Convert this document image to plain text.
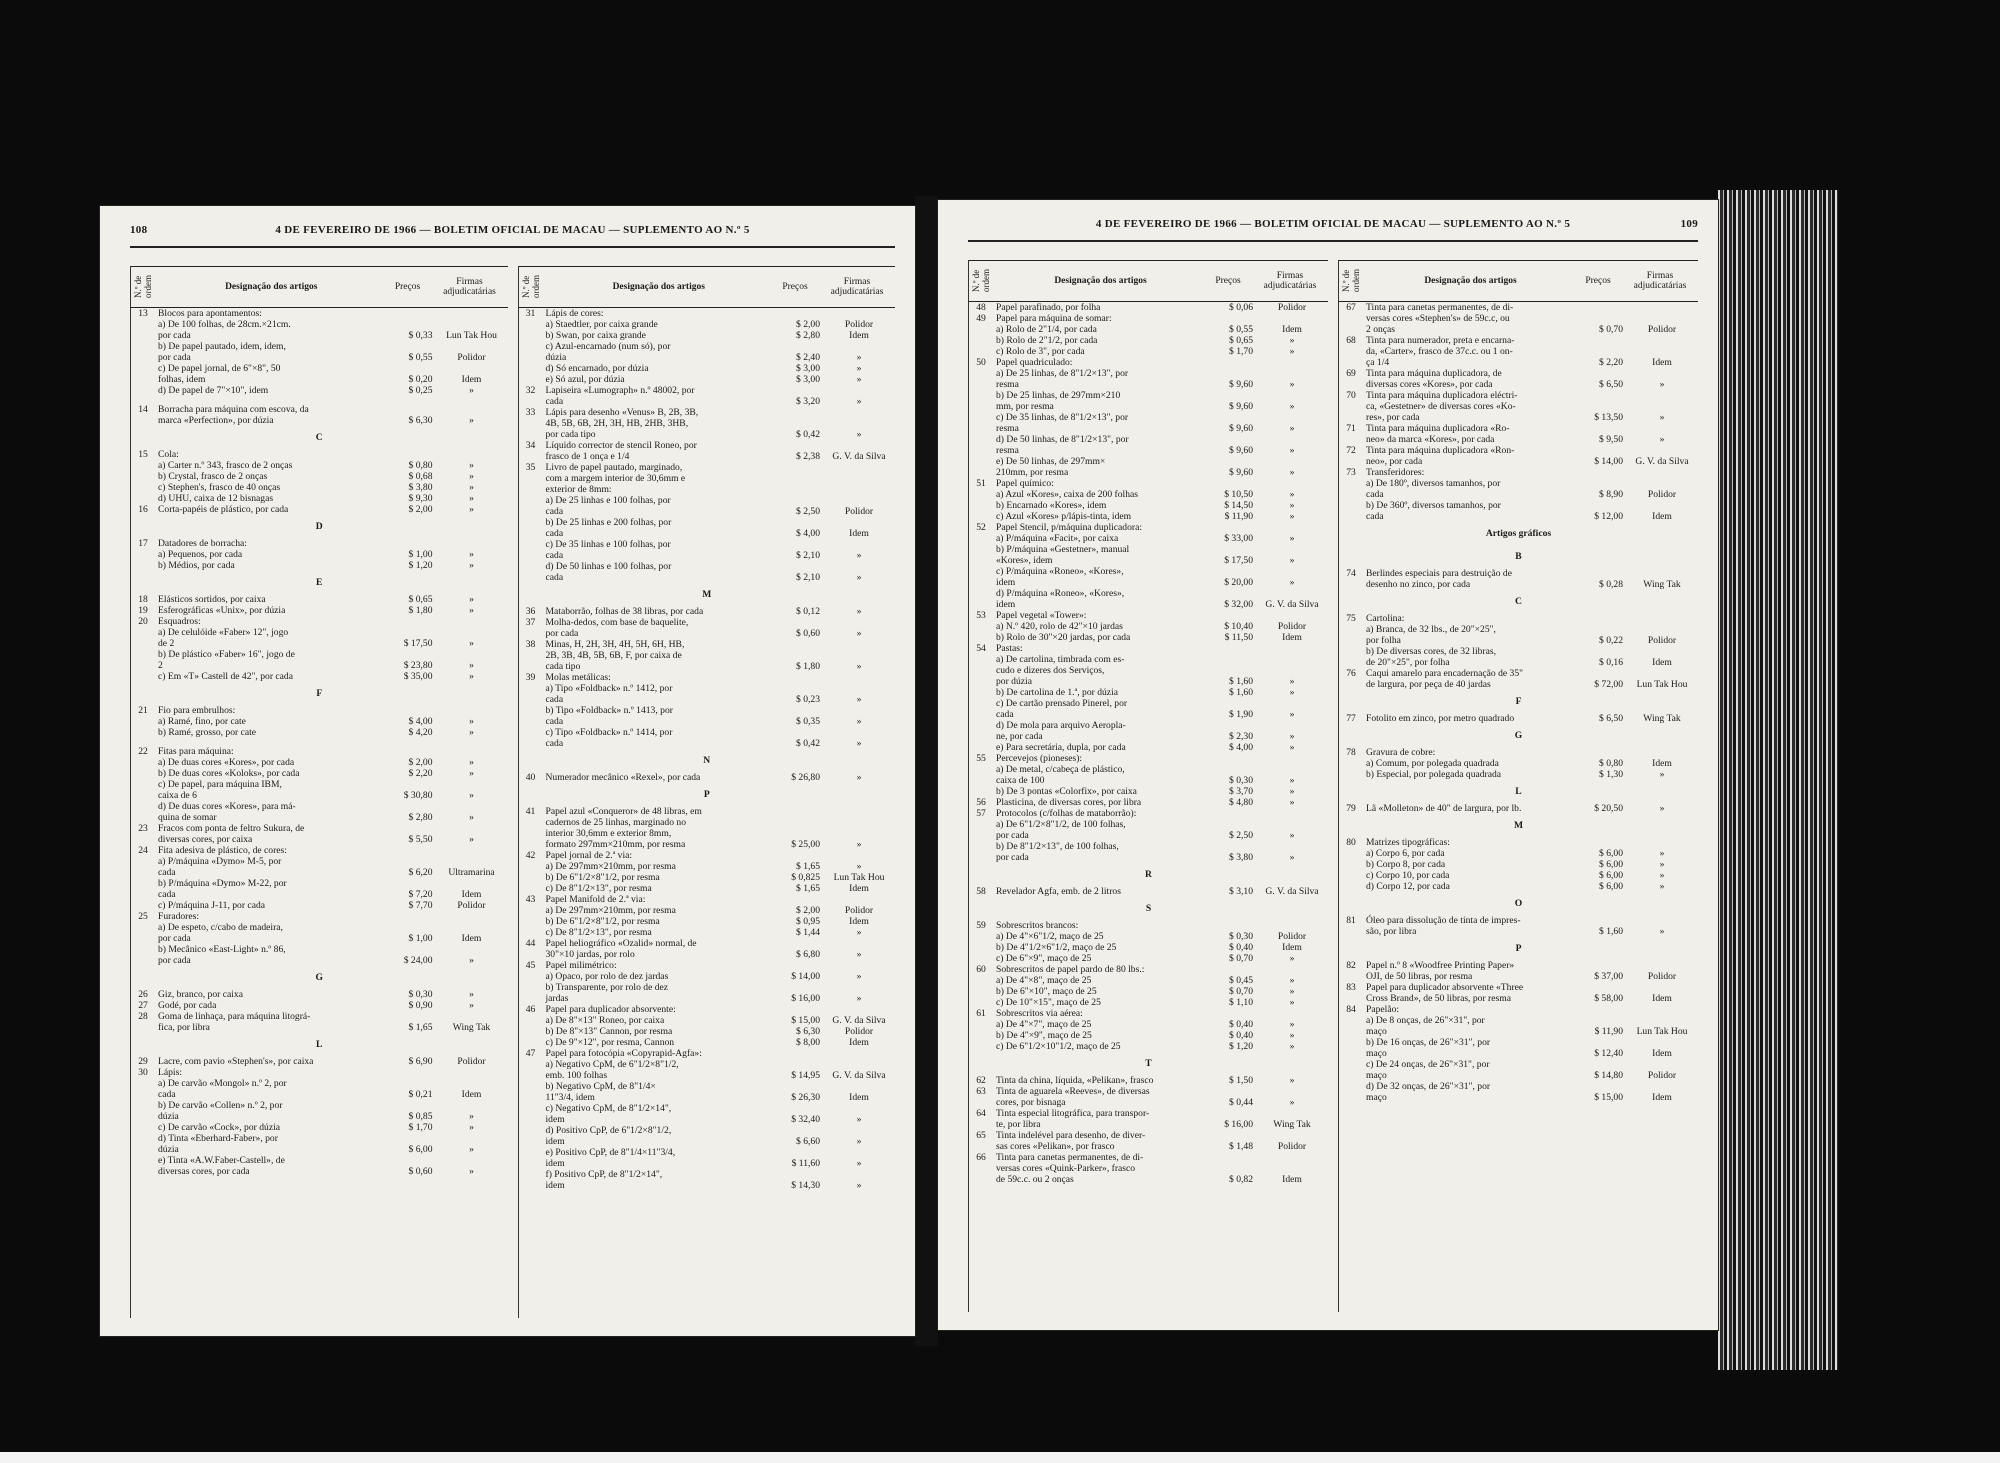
108	4 DE FEVEREIRO DE 1966 — BOLETIM OFICIAL DE MACAU — SUPLEMENTO AO N.º 5
N.º de ordem	Designação dos artigos	Preços	Firmas adjudicatárias
13	Blocos para apontamentos:
a) De 100 folhas, de 28cm.×21cm.
por cada	$ 0,33	Lun Tak Hou
b) De papel pautado, idem, idem,
por cada	$ 0,55	Polidor
c) De papel jornal, de 6"×8", 50
folhas, idem	$ 0,20	Idem
d) De papel de 7"×10", idem	$ 0,25	»
14	Borracha para máquina com escova, da
marca «Perfection», por dúzia	$ 6,30	»
C
15	Cola:
a) Carter n.º 343, frasco de 2 onças	$ 0,80	»
b) Crystal, frasco de 2 onças	$ 0,68	»
c) Stephen's, frasco de 40 onças	$ 3,80	»
d) UHU, caixa de 12 bisnagas	$ 9,30	»
16	Corta-papéis de plástico, por cada	$ 2,00	»
D
17	Datadores de borracha:
a) Pequenos, por cada	$ 1,00	»
b) Médios, por cada	$ 1,20	»
E
18	Elásticos sortidos, por caixa	$ 0,65	»
19	Esferográficas «Unix», por dúzia	$ 1,80	»
20	Esquadros:
a) De celulóide «Faber» 12", jogo
de 2	$ 17,50	»
b) De plástico «Faber» 16", jogo de
2	$ 23,80	»
c) Em «T» Castell de 42", por cada	$ 35,00	»
F
21	Fio para embrulhos:
a) Ramé, fino, por cate	$ 4,00	»
b) Ramé, grosso, por cate	$ 4,20	»
22	Fitas para máquina:
a) De duas cores «Kores», por cada	$ 2,00	»
b) De duas cores «Koloks», por cada	$ 2,20	»
c) De papel, para máquina IBM,
caixa de 6	$ 30,80	»
d) De duas cores «Kores», para má-
quina de somar	$ 2,80	»
23	Fracos com ponta de feltro Sukura, de
diversas cores, por caixa	$ 5,50	»
24	Fita adesiva de plástico, de cores:
a) P/máquina «Dymo» M-5, por
cada	$ 6,20	Ultramarina
b) P/máquina «Dymo» M-22, por
cada	$ 7,20	Idem
c) P/máquina J-11, por cada	$ 7,70	Polidor
25	Furadores:
a) De espeto, c/cabo de madeira,
por cada	$ 1,00	Idem
b) Mecânico «East-Light» n.º 86,
por cada	$ 24,00	»
G
26	Giz, branco, por caixa	$ 0,30	»
27	Godé, por cada	$ 0,90	»
28	Goma de linhaça, para máquina litográ-
fica, por libra	$ 1,65	Wing Tak
L
29	Lacre, com pavio «Stephen's», por caixa	$ 6,90	Polidor
30	Lápis:
a) De carvão «Mongol» n.º 2, por
cada	$ 0,21	Idem
b) De carvão «Collen» n.º 2, por
dúzia	$ 0,85	»
c) De carvão «Cock», por dúzia	$ 1,70	»
d) Tinta «Eberhard-Faber», por
dúzia	$ 6,00	»
e) Tinta «A.W.Faber-Castell», de
diversas cores, por cada	$ 0,60	»
N.º de ordem	Designação dos artigos	Preços	Firmas adjudicatárias
31	Lápis de cores:
a) Staedtler, por caixa grande	$ 2,00	Polidor
b) Swan, por caixa grande	$ 2,80	Idem
c) Azul-encarnado (num só), por
dúzia	$ 2,40	»
d) Só encarnado, por dúzia	$ 3,00	»
e) Só azul, por dúzia	$ 3,00	»
32	Lapiseira «Lumograph» n.º 48002, por
cada	$ 3,20	»
33	Lápis para desenho «Venus» B, 2B, 3B,
4B, 5B, 6B, 2H, 3H, HB, 2HB, 3HB,
por cada tipo	$ 0,42	»
34	Líquido corrector de stencil Roneo, por
frasco de 1 onça e 1/4	$ 2,38	G. V. da Silva
35	Livro de papel pautado, marginado,
com a margem interior de 30,6mm e
exterior de 8mm:
a) De 25 linhas e 100 folhas, por
cada	$ 2,50	Polidor
b) De 25 linhas e 200 folhas, por
cada	$ 4,00	Idem
c) De 35 linhas e 100 folhas, por
cada	$ 2,10	»
d) De 50 linhas e 100 folhas, por
cada	$ 2,10	»
M
36	Mataborrão, folhas de 38 libras, por cada	$ 0,12	»
37	Molha-dedos, com base de baquelite,
por cada	$ 0,60	»
38	Minas, H, 2H, 3H, 4H, 5H, 6H, HB,
2B, 3B, 4B, 5B, 6B, F, por caixa de
cada tipo	$ 1,80	»
39	Molas metálicas:
a) Tipo «Foldback» n.º 1412, por
cada	$ 0,23	»
b) Tipo «Foldback» n.º 1413, por
cada	$ 0,35	»
c) Tipo «Foldback» n.º 1414, por
cada	$ 0,42	»
N
40	Numerador mecânico «Rexel», por cada	$ 26,80	»
P
41	Papel azul «Conqueror» de 48 libras, em
cadernos de 25 linhas, marginado no
interior 30,6mm e exterior 8mm,
formato 297mm×210mm, por resma	$ 25,00	»
42	Papel jornal de 2.ª via:
a) De 297mm×210mm, por resma	$ 1,65	»
b) De 6"1/2×8"1/2, por resma	$ 0,825	Lun Tak Hou
c) De 8"1/2×13", por resma	$ 1,65	Idem
43	Papel Manifold de 2.ª via:
a) De 297mm×210mm, por resma	$ 2,00	Polidor
b) De 6"1/2×8"1/2, por resma	$ 0,95	Idem
c) De 8"1/2×13", por resma	$ 1,44	»
44	Papel heliográfico «Ozalid» normal, de
30"×10 jardas, por rolo	$ 6,80	»
45	Papel milimétrico:
a) Opaco, por rolo de dez jardas	$ 14,00	»
b) Transparente, por rolo de dez
jardas	$ 16,00	»
46	Papel para duplicador absorvente:
a) De 8"×13" Roneo, por caixa	$ 15,00	G. V. da Silva
b) De 8"×13" Cannon, por resma	$ 6,30	Polidor
c) De 9"×12", por resma, Cannon	$ 8,00	Idem
47	Papel para fotocópia «Copyrapid-Agfa»:
a) Negativo CpM, de 6"1/2×8"1/2,
emb. 100 folhas	$ 14,95	G. V. da Silva
b) Negativo CpM, de 8"1/4×
11"3/4, idem	$ 26,30	Idem
c) Negativo CpM, de 8"1/2×14",
idem	$ 32,40	»
d) Positivo CpP, de 6"1/2×8"1/2,
idem	$ 6,60	»
e) Positivo CpP, de 8"1/4×11"3/4,
idem	$ 11,60	»
f) Positivo CpP, de 8"1/2×14",
idem	$ 14,30	»
4 DE FEVEREIRO DE 1966 — BOLETIM OFICIAL DE MACAU — SUPLEMENTO AO N.º 5	109
N.º de ordem	Designação dos artigos	Preços	Firmas adjudicatárias
48	Papel parafinado, por folha	$ 0,06	Polidor
49	Papel para máquina de somar:
a) Rolo de 2"1/4, por cada	$ 0,55	Idem
b) Rolo de 2"1/2, por cada	$ 0,65	»
c) Rolo de 3", por cada	$ 1,70	»
50	Papel quadriculado:
a) De 25 linhas, de 8"1/2×13", por
resma	$ 9,60	»
b) De 25 linhas, de 297mm×210
mm, por resma	$ 9,60	»
c) De 35 linhas, de 8"1/2×13", por
resma	$ 9,60	»
d) De 50 linhas, de 8"1/2×13", por
resma	$ 9,60	»
e) De 50 linhas, de 297mm×
210mm, por resma	$ 9,60	»
51	Papel químico:
a) Azul «Kores», caixa de 200 folhas	$ 10,50	»
b) Encarnado «Kores», idem	$ 14,50	»
c) Azul «Kores» p/lápis-tinta, idem	$ 11,90	»
52	Papel Stencil, p/máquina duplicadora:
a) P/máquina «Facit», por caixa	$ 33,00	»
b) P/máquina «Gestetner», manual
«Kores», idem	$ 17,50	»
c) P/máquina «Roneo», «Kores»,
idem	$ 20,00	»
d) P/máquina «Roneo», «Kores»,
idem	$ 32,00	G. V. da Silva
53	Papel vegetal «Tower»:
a) N.º 420, rolo de 42"×10 jardas	$ 10,40	Polidor
b) Rolo de 30"×20 jardas, por cada	$ 11,50	Idem
54	Pastas:
a) De cartolina, timbrada com es-
cudo e dizeres dos Serviços,
por dúzia	$ 1,60	»
b) De cartolina de 1.ª, por dúzia	$ 1,60	»
c) De cartão prensado Pinerel, por
cada	$ 1,90	»
d) De mola para arquivo Aeropla-
ne, por cada	$ 2,30	»
e) Para secretária, dupla, por cada	$ 4,00	»
55	Percevejos (pioneses):
a) De metal, c/cabeça de plástico,
caixa de 100	$ 0,30	»
b) De 3 pontas «Colorfix», por caixa	$ 3,70	»
56	Plasticina, de diversas cores, por libra	$ 4,80	»
57	Protocolos (c/folhas de mataborrão):
a) De 6"1/2×8"1/2, de 100 folhas,
por cada	$ 2,50	»
b) De 8"1/2×13", de 100 folhas,
por cada	$ 3,80	»
R
58	Revelador Agfa, emb. de 2 litros	$ 3,10	G. V. da Silva
S
59	Sobrescritos brancos:
a) De 4"×6"1/2, maço de 25	$ 0,30	Polidor
b) De 4"1/2×6"1/2, maço de 25	$ 0,40	Idem
c) De 6"×9", maço de 25	$ 0,70	»
60	Sobrescritos de papel pardo de 80 lbs.:
a) De 4"×8", maço de 25	$ 0,45	»
b) De 6"×10", maço de 25	$ 0,70	»
c) De 10"×15", maço de 25	$ 1,10	»
61	Sobrescritos via aérea:
a) De 4"×7", maço de 25	$ 0,40	»
b) De 4"×9", maço de 25	$ 0,40	»
c) De 6"1/2×10"1/2, maço de 25	$ 1,20	»
T
62	Tinta da china, líquida, «Pelikan», frasco	$ 1,50	»
63	Tinta de aguarela «Reeves», de diversas
cores, por bisnaga	$ 0,44	»
64	Tinta especial litográfica, para transpor-
te, por libra	$ 16,00	Wing Tak
65	Tinta indelével para desenho, de diver-
sas cores «Pelikan», por frasco	$ 1,48	Polidor
66	Tinta para canetas permanentes, de di-
versas cores «Quink-Parker», frasco
de 59c.c. ou 2 onças	$ 0,82	Idem
N.º de ordem	Designação dos artigos	Preços	Firmas adjudicatárias
67	Tinta para canetas permanentes, de di-
versas cores «Stephen's» de 59c.c, ou
2 onças	$ 0,70	Polidor
68	Tinta para numerador, preta e encarna-
da, «Carter», frasco de 37c.c. ou 1 on-
ça 1/4	$ 2,20	Idem
69	Tinta para máquina duplicadora, de
diversas cores «Kores», por cada	$ 6,50	»
70	Tinta para máquina duplicadora eléctri-
ca, «Gestetner» de diversas cores «Ko-
res», por cada	$ 13,50	»
71	Tinta para máquina duplicadora «Ro-
neo» da marca «Kores», por cada	$ 9,50	»
72	Tinta para máquina duplicadora «Ron-
neo», por cada	$ 14,00	G. V. da Silva
73	Transferidores:
a) De 180º, diversos tamanhos, por
cada	$ 8,90	Polidor
b) De 360º, diversos tamanhos, por
cada	$ 12,00	Idem
Artigos gráficos
B
74	Berlindes especiais para destruição de
desenho no zinco, por cada	$ 0,28	Wing Tak
C
75	Cartolina:
a) Branca, de 32 lbs., de 20"×25",
por folha	$ 0,22	Polidor
b) De diversas cores, de 32 libras,
de 20"×25", por folha	$ 0,16	Idem
76	Caqui amarelo para encadernação de 35"
de largura, por peça de 40 jardas	$ 72,00	Lun Tak Hou
F
77	Fotolito em zinco, por metro quadrado	$ 6,50	Wing Tak
G
78	Gravura de cobre:
a) Comum, por polegada quadrada	$ 0,80	Idem
b) Especial, por polegada quadrada	$ 1,30	»
L
79	Lã «Molleton» de 40" de largura, por lb.	$ 20,50	»
M
80	Matrizes tipográficas:
a) Corpo 6, por cada	$ 6,00	»
b) Corpo 8, por cada	$ 6,00	»
c) Corpo 10, por cada	$ 6,00	»
d) Corpo 12, por cada	$ 6,00	»
O
81	Óleo para dissolução de tinta de impres-
são, por libra	$ 1,60	»
P
82	Papel n.º 8 «Woodfree Printing Paper»
OJI, de 50 libras, por resma	$ 37,00	Polidor
83	Papel para duplicador absorvente «Three
Cross Brand», de 50 libras, por resma	$ 58,00	Idem
84	Papelão:
a) De 8 onças, de 26"×31", por
maço	$ 11,90	Lun Tak Hou
b) De 16 onças, de 26"×31", por
maço	$ 12,40	Idem
c) De 24 onças, de 26"×31", por
maço	$ 14,80	Polidor
d) De 32 onças, de 26"×31", por
maço	$ 15,00	Idem
